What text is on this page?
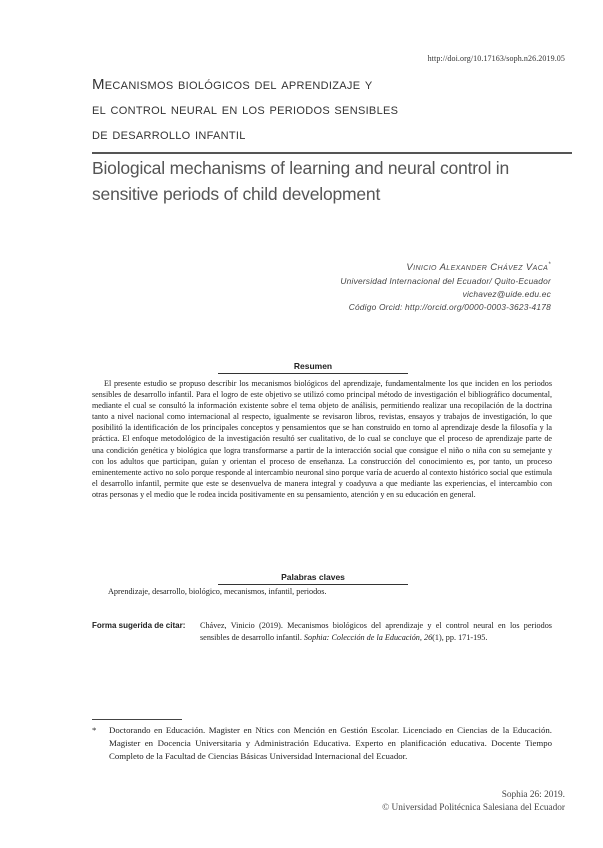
http://doi.org/10.17163/soph.n26.2019.05
Mecanismos biológicos del aprendizaje y
el control neural en los periodos sensibles
de desarrollo infantil
Biological mechanisms of learning and neural control in sensitive periods of child development
Vinicio Alexander Chávez Vaca*
Universidad Internacional del Ecuador/ Quito-Ecuador
vichavez@uide.edu.ec
Código Orcid: http://orcid.org/0000-0003-3623-4178
Resumen
El presente estudio se propuso describir los mecanismos biológicos del aprendizaje, fundamentalmente los que inciden en los periodos sensibles de desarrollo infantil. Para el logro de este objetivo se utilizó como principal método de investigación el bibliográfico documental, mediante el cual se consultó la información existente sobre el tema objeto de análisis, permitiendo realizar una recopilación de la doctrina tanto a nivel nacional como internacional al respecto, igualmente se revisaron libros, revistas, ensayos y trabajos de investigación, lo que posibilitó la identificación de los principales conceptos y pensamientos que se han construido en torno al aprendizaje desde la filosofía y la práctica. El enfoque metodológico de la investigación resultó ser cualitativo, de lo cual se concluye que el proceso de aprendizaje parte de una condición genética y biológica que logra transformarse a partir de la interacción social que consigue el niño o niña con su semejante y con los adultos que participan, guían y orientan el proceso de enseñanza. La construcción del conocimiento es, por tanto, un proceso eminentemente activo no solo porque responde al intercambio neuronal sino porque varía de acuerdo al contexto histórico social que estimula el desarrollo infantil, permite que este se desenvuelva de manera integral y coadyuva a que mediante las experiencias, el intercambio con otras personas y el medio que le rodea incida positivamente en su pensamiento, atención y en su educación en general.
Palabras claves
Aprendizaje, desarrollo, biológico, mecanismos, infantil, periodos.
Forma sugerida de citar:	Chávez, Vinicio (2019). Mecanismos biológicos del aprendizaje y el control neural en los periodos sensibles de desarrollo infantil. Sophia: Colección de la Educación, 26(1), pp. 171-195.
* Doctorando en Educación. Magister en Ntics con Mención en Gestión Escolar. Licenciado en Ciencias de la Educación. Magister en Docencia Universitaria y Administración Educativa. Experto en planificación educativa. Docente Tiempo Completo de la Facultad de Ciencias Básicas Universidad Internacional del Ecuador.
Sophia 26: 2019.
© Universidad Politécnica Salesiana del Ecuador
